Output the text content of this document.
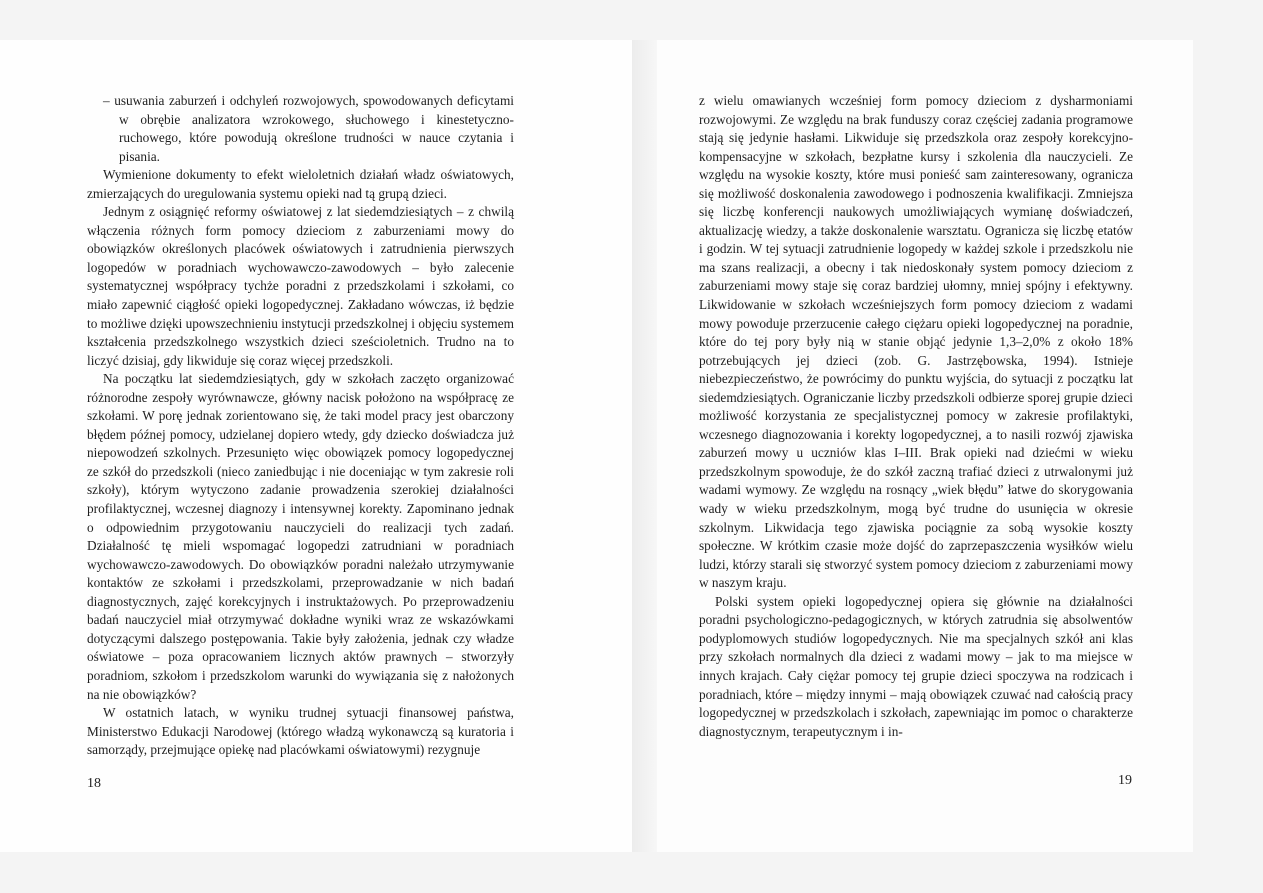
– usuwania zaburzeń i odchyleń rozwojowych, spowodowanych deficytami w obrębie analizatora wzrokowego, słuchowego i kinestetyczno-ruchowego, które powodują określone trudności w nauce czytania i pisania.

Wymienione dokumenty to efekt wieloletnich działań władz oświatowych, zmierzających do uregulowania systemu opieki nad tą grupą dzieci.

Jednym z osiągnięć reformy oświatowej z lat siedemdziesiątych – z chwilą włączenia różnych form pomocy dzieciom z zaburzeniami mowy do obowiązków określonych placówek oświatowych i zatrudnienia pierwszych logopedów w poradniach wychowawczo-zawodowych – było zalecenie systematycznej współpracy tychże poradni z przedszkolami i szkołami, co miało zapewnić ciągłość opieki logopedycznej. Zakładano wówczas, iż będzie to możliwe dzięki upowszechnieniu instytucji przedszkolnej i objęciu systemem kształcenia przedszkolnego wszystkich dzieci sześcioletnich. Trudno na to liczyć dzisiaj, gdy likwiduje się coraz więcej przedszkoli.

Na początku lat siedemdziesiątych, gdy w szkołach zaczęto organizować różnorodne zespoły wyrównawcze, główny nacisk położono na współpracę ze szkołami. W porę jednak zorientowano się, że taki model pracy jest obarczony błędem późnej pomocy, udzielanej dopiero wtedy, gdy dziecko doświadcza już niepowodzeń szkolnych. Przesunięto więc obowiązek pomocy logopedycznej ze szkół do przedszkoli (nieco zaniedbując i nie doceniając w tym zakresie roli szkoły), którym wytyczono zadanie prowadzenia szerokiej działalności profilaktycznej, wczesnej diagnozy i intensywnej korekty. Zapominano jednak o odpowiednim przygotowaniu nauczycieli do realizacji tych zadań. Działalność tę mieli wspomagać logopedzi zatrudniani w poradniach wychowawczo-zawodowych. Do obowiązków poradni należało utrzymywanie kontaktów ze szkołami i przedszkolami, przeprowadzanie w nich badań diagnostycznych, zajęć korekcyjnych i instruktażowych. Po przeprowadzeniu badań nauczyciel miał otrzymywać dokładne wyniki wraz ze wskazówkami dotyczącymi dalszego postępowania. Takie były założenia, jednak czy władze oświatowe – poza opracowaniem licznych aktów prawnych – stworzyły poradniom, szkołom i przedszkolom warunki do wywiązania się z nałożonych na nie obowiązków?

W ostatnich latach, w wyniku trudnej sytuacji finansowej państwa, Ministerstwo Edukacji Narodowej (którego władzą wykonawczą są kuratoria i samorządy, przejmujące opiekę nad placówkami oświatowymi) rezygnuje

18

z wielu omawianych wcześniej form pomocy dzieciom z dysharmoniami rozwojowymi. Ze względu na brak funduszy coraz częściej zadania programowe stają się jedynie hasłami. Likwiduje się przedszkola oraz zespoły korekcyjno-kompensacyjne w szkołach, bezpłatne kursy i szkolenia dla nauczycieli. Ze względu na wysokie koszty, które musi ponieść sam zainteresowany, ogranicza się możliwość doskonalenia zawodowego i podnoszenia kwalifikacji. Zmniejsza się liczbę konferencji naukowych umożliwiających wymianę doświadczeń, aktualizację wiedzy, a także doskonalenie warsztatu. Ogranicza się liczbę etatów i godzin. W tej sytuacji zatrudnienie logopedy w każdej szkole i przedszkolu nie ma szans realizacji, a obecny i tak niedoskonały system pomocy dzieciom z zaburzeniami mowy staje się coraz bardziej ułomny, mniej spójny i efektywny. Likwidowanie w szkołach wcześniejszych form pomocy dzieciom z wadami mowy powoduje przerzucenie całego ciężaru opieki logopedycznej na poradnie, które do tej pory były nią w stanie objąć jedynie 1,3–2,0% z około 18% potrzebujących jej dzieci (zob. G. Jastrzębowska, 1994). Istnieje niebezpieczeństwo, że powrócimy do punktu wyjścia, do sytuacji z początku lat siedemdziesiątych. Ograniczanie liczby przedszkoli odbierze sporej grupie dzieci możliwość korzystania ze specjalistycznej pomocy w zakresie profilaktyki, wczesnego diagnozowania i korekty logopedycznej, a to nasili rozwój zjawiska zaburzeń mowy u uczniów klas I–III. Brak opieki nad dziećmi w wieku przedszkolnym spowoduje, że do szkół zaczną trafiać dzieci z utrwalonymi już wadami wymowy. Ze względu na rosnący „wiek błędu” łatwe do skorygowania wady w wieku przedszkolnym, mogą być trudne do usunięcia w okresie szkolnym. Likwidacja tego zjawiska pociągnie za sobą wysokie koszty społeczne. W krótkim czasie może dojść do zaprzepaszczenia wysiłków wielu ludzi, którzy starali się stworzyć system pomocy dzieciom z zaburzeniami mowy w naszym kraju.

Polski system opieki logopedycznej opiera się głównie na działalności poradni psychologiczno-pedagogicznych, w których zatrudnia się absolwentów podyplomowych studiów logopedycznych. Nie ma specjalnych szkół ani klas przy szkołach normalnych dla dzieci z wadami mowy – jak to ma miejsce w innych krajach. Cały ciężar pomocy tej grupie dzieci spoczywa na rodzicach i poradniach, które – między innymi – mają obowiązek czuwać nad całością pracy logopedycznej w przedszkolach i szkołach, zapewniając im pomoc o charakterze diagnostycznym, terapeutycznym i in-

19
